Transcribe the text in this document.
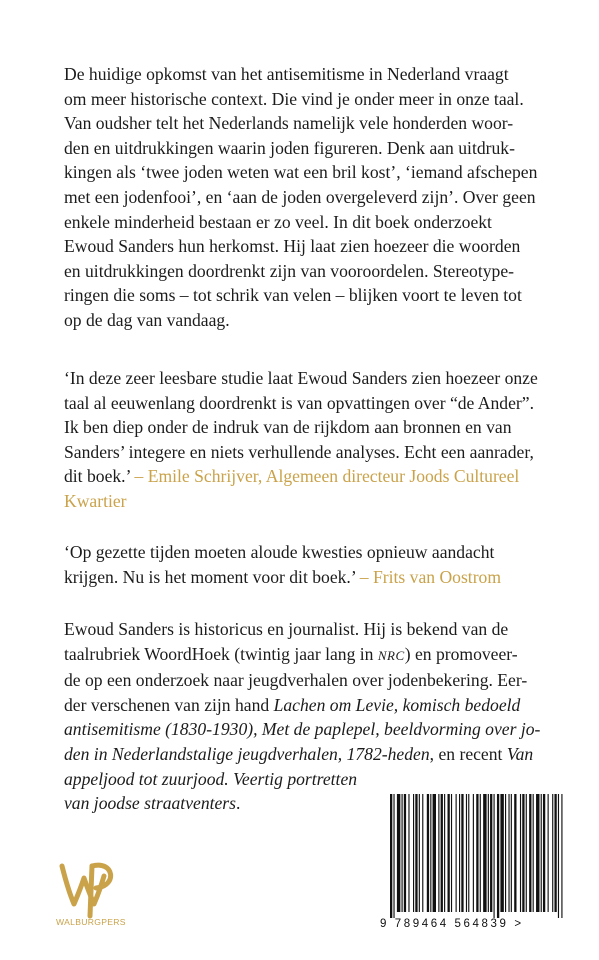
De huidige opkomst van het antisemitisme in Nederland vraagt
om meer historische context. Die vind je onder meer in onze taal.
Van oudsher telt het Nederlands namelijk vele honderden woor-
den en uitdrukkingen waarin joden figureren. Denk aan uitdruk-
kingen als ‘twee joden weten wat een bril kost’, ‘iemand afschepen
met een jodenfooi’, en ‘aan de joden overgeleverd zijn’. Over geen
enkele minderheid bestaan er zo veel. In dit boek onderzoekt
Ewoud Sanders hun herkomst. Hij laat zien hoezeer die woorden
en uitdrukkingen doordrenkt zijn van vooroordelen. Stereotype-
ringen die soms – tot schrik van velen – blijken voort te leven tot
op de dag van vandaag.
‘In deze zeer leesbare studie laat Ewoud Sanders zien hoezeer onze
taal al eeuwenlang doordrenkt is van opvattingen over “de Ander”.
Ik ben diep onder de indruk van de rijkdom aan bronnen en van
Sanders’ integere en niets verhullende analyses. Echt een aanrader,
dit boek.’ – Emile Schrijver, Algemeen directeur Joods Cultureel
Kwartier
‘Op gezette tijden moeten aloude kwesties opnieuw aandacht
krijgen. Nu is het moment voor dit boek.’ – Frits van Oostrom
Ewoud Sanders is historicus en journalist. Hij is bekend van de
taalrubriek WoordHoek (twintig jaar lang in NRC) en promoveer-
de op een onderzoek naar jeugdverhalen over jodenbekering. Eer-
der verschenen van zijn hand Lachen om Levie, komisch bedoeld
antisemitisme (1830-1930), Met de paplepel, beeldvorming over jo-
den in Nederlandstalige jeugdverhalen, 1782-heden, en recent Van
appeljood tot zuurjood. Veertig portretten
van joodse straatventers.
WALBURGPERS	9 789464 564839 >
